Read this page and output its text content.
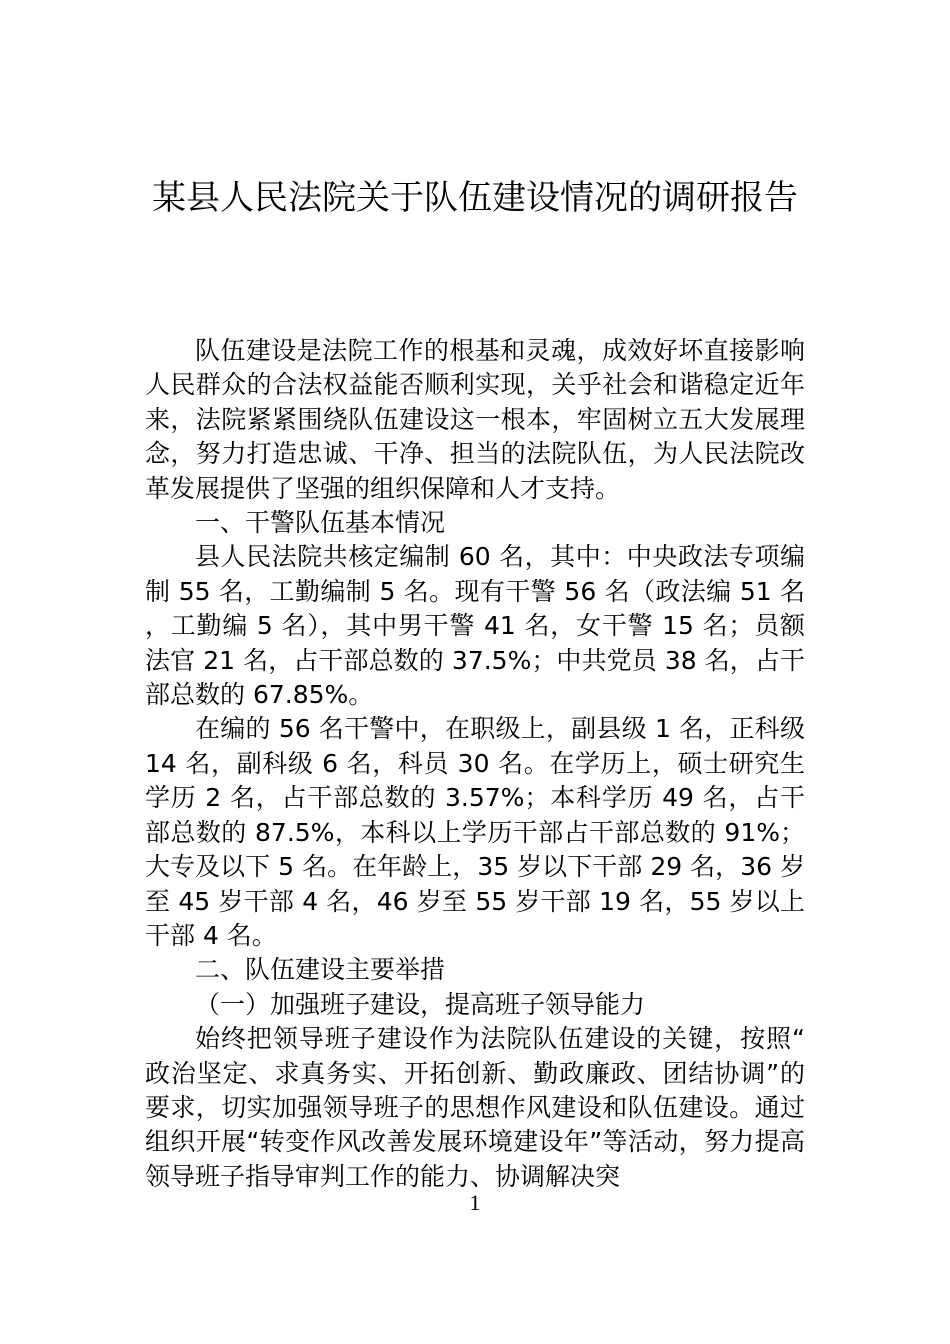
某县人民法院关于队伍建设情况的调研报告

队伍建设是法院工作的根基和灵魂，成效好坏直接影响人民群众的合法权益能否顺利实现，关乎社会和谐稳定近年来，法院紧紧围绕队伍建设这一根本，牢固树立五大发展理念，努力打造忠诚、干净、担当的法院队伍，为人民法院改革发展提供了坚强的组织保障和人才支持。

一、干警队伍基本情况

县人民法院共核定编制 60 名，其中：中央政法专项编制 55 名，工勤编制 5 名。现有干警 56 名（政法编 51 名，工勤编 5 名），其中男干警 41 名，女干警 15 名；员额法官 21 名，占干部总数的 37.5%；中共党员 38 名，占干部总数的 67.85%。

在编的 56 名干警中，在职级上，副县级 1 名，正科级 14 名，副科级 6 名，科员 30 名。在学历上，硕士研究生学历 2 名，占干部总数的 3.57%；本科学历 49 名，占干部总数的 87.5%，本科以上学历干部占干部总数的 91%；大专及以下 5 名。在年龄上，35 岁以下干部 29 名，36 岁至 45 岁干部 4 名，46 岁至 55 岁干部 19 名，55 岁以上干部 4 名。

二、队伍建设主要举措

（一）加强班子建设，提高班子领导能力

始终把领导班子建设作为法院队伍建设的关键，按照“政治坚定、求真务实、开拓创新、勤政廉政、团结协调”的要求，切实加强领导班子的思想作风建设和队伍建设。通过组织开展“转变作风改善发展环境建设年”等活动，努力提高领导班子指导审判工作的能力、协调解决突

1
